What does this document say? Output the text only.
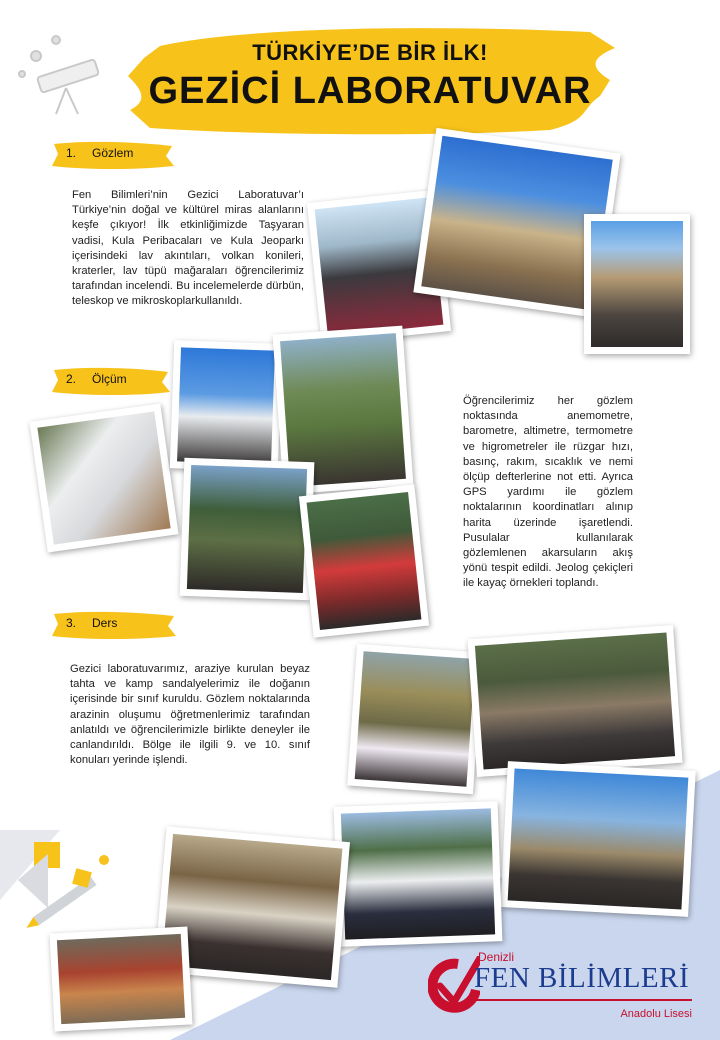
TÜRKİYE’DE BİR İLK!
GEZİCİ LABORATUVAR
1. Gözlem
Fen Bilimleri’nin Gezici Laboratuvar’ı Türkiye’nin doğal ve kültürel miras alanlarını keşfe çıkıyor! İlk etkinliğimizde Taşyaran vadisi, Kula Peribacaları ve Kula Jeoparkı içerisindeki lav akıntıları, volkan konileri, kraterler, lav tüpü mağaraları öğrencilerimiz tarafından incelendi. Bu incelemelerde dürbün, teleskop ve mikroskoplarkullanıldı.
2. Ölçüm
Öğrencilerimiz her gözlem noktasında anemometre, barometre, altimetre, termometre ve higrometreler ile rüzgar hızı, basınç, rakım, sıcaklık ve nemi ölçüp defterlerine not etti. Ayrıca GPS yardımı ile gözlem noktalarının koordinatları alınıp harita üzerinde işaretlendi. Pusulalar kullanılarak gözlemlenen akarsuların akış yönü tespit edildi. Jeolog çekiçleri ile kayaç örnekleri toplandı.
3. Ders
Gezici laboratuvarımız, araziye kurulan beyaz tahta ve kamp sandalyelerimiz ile doğanın içerisinde bir sınıf kuruldu. Gözlem noktalarında arazinin oluşumu öğretmenlerimiz tarafından anlatıldı ve öğrencilerimizle birlikte deneyler ile canlandırıldı. Bölge ile ilgili 9. ve 10. sınıf konuları yerinde işlendi.
Denizli
FEN BİLİMLERİ
Anadolu Lisesi
